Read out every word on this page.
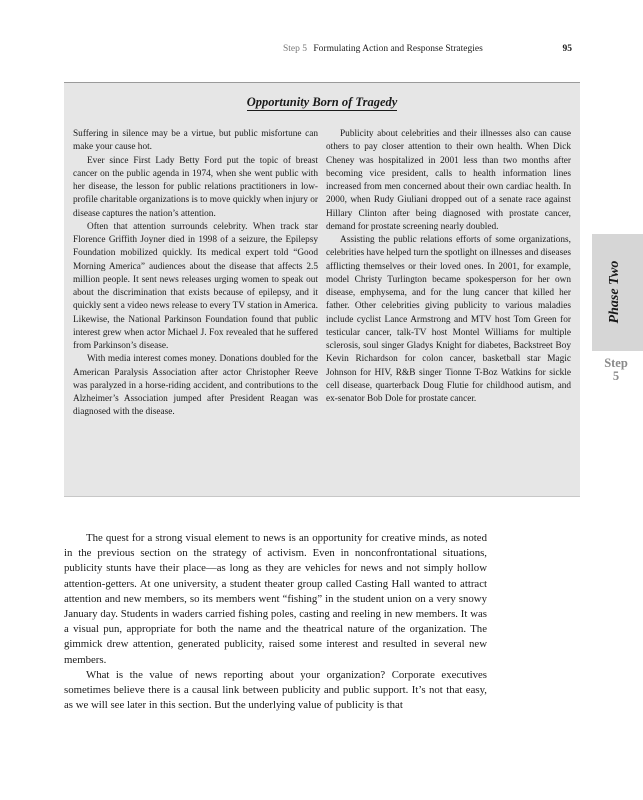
Step 5 Formulating Action and Response Strategies	95
Opportunity Born of Tragedy

Suffering in silence may be a virtue, but public misfortune can make your cause hot.

Ever since First Lady Betty Ford put the topic of breast cancer on the public agenda in 1974, when she went public with her disease, the lesson for public relations practitioners in low-profile charitable organizations is to move quickly when injury or disease captures the nation’s attention.

Often that attention surrounds celebrity. When track star Florence Griffith Joyner died in 1998 of a seizure, the Epilepsy Foundation mobilized quickly. Its medical expert told “Good Morning America” audiences about the disease that affects 2.5 million people. It sent news releases urging women to speak out about the discrimination that exists because of epilepsy, and it quickly sent a video news release to every TV station in America. Likewise, the National Parkinson Foundation found that public interest grew when actor Michael J. Fox revealed that he suffered from Parkinson’s disease.

With media interest comes money. Donations doubled for the American Paralysis Association after actor Christopher Reeve was paralyzed in a horse-riding accident, and contributions to the Alzheimer’s Association jumped after President Reagan was diagnosed with the disease.

Publicity about celebrities and their illnesses also can cause others to pay closer attention to their own health. When Dick Cheney was hospitalized in 2001 less than two months after becoming vice president, calls to health information lines increased from men concerned about their own cardiac health. In 2000, when Rudy Giuliani dropped out of a senate race against Hillary Clinton after being diagnosed with prostate cancer, demand for prostate screening nearly doubled.

Assisting the public relations efforts of some organizations, celebrities have helped turn the spotlight on illnesses and diseases afflicting themselves or their loved ones. In 2001, for example, model Christy Turlington became spokesperson for her own disease, emphysema, and for the lung cancer that killed her father. Other celebrities giving publicity to various maladies include cyclist Lance Armstrong and MTV host Tom Green for testicular cancer, talk-TV host Montel Williams for multiple sclerosis, soul singer Gladys Knight for diabetes, Backstreet Boy Kevin Richardson for colon cancer, basketball star Magic Johnson for HIV, R&B singer Tionne T-Boz Watkins for sickle cell disease, quarterback Doug Flutie for childhood autism, and ex-senator Bob Dole for prostate cancer.

Phase Two
Step
5

The quest for a strong visual element to news is an opportunity for creative minds, as noted in the previous section on the strategy of activism. Even in nonconfrontational situations, publicity stunts have their place—as long as they are vehicles for news and not simply hollow attention-getters. At one university, a student theater group called Casting Hall wanted to attract attention and new members, so its members went “fishing” in the student union on a very snowy January day. Students in waders carried fishing poles, casting and reeling in new members. It was a visual pun, appropriate for both the name and the theatrical nature of the organization. The gimmick drew attention, generated publicity, raised some interest and resulted in several new members.

What is the value of news reporting about your organization? Corporate executives sometimes believe there is a causal link between publicity and public support. It’s not that easy, as we will see later in this section. But the underlying value of publicity is that
